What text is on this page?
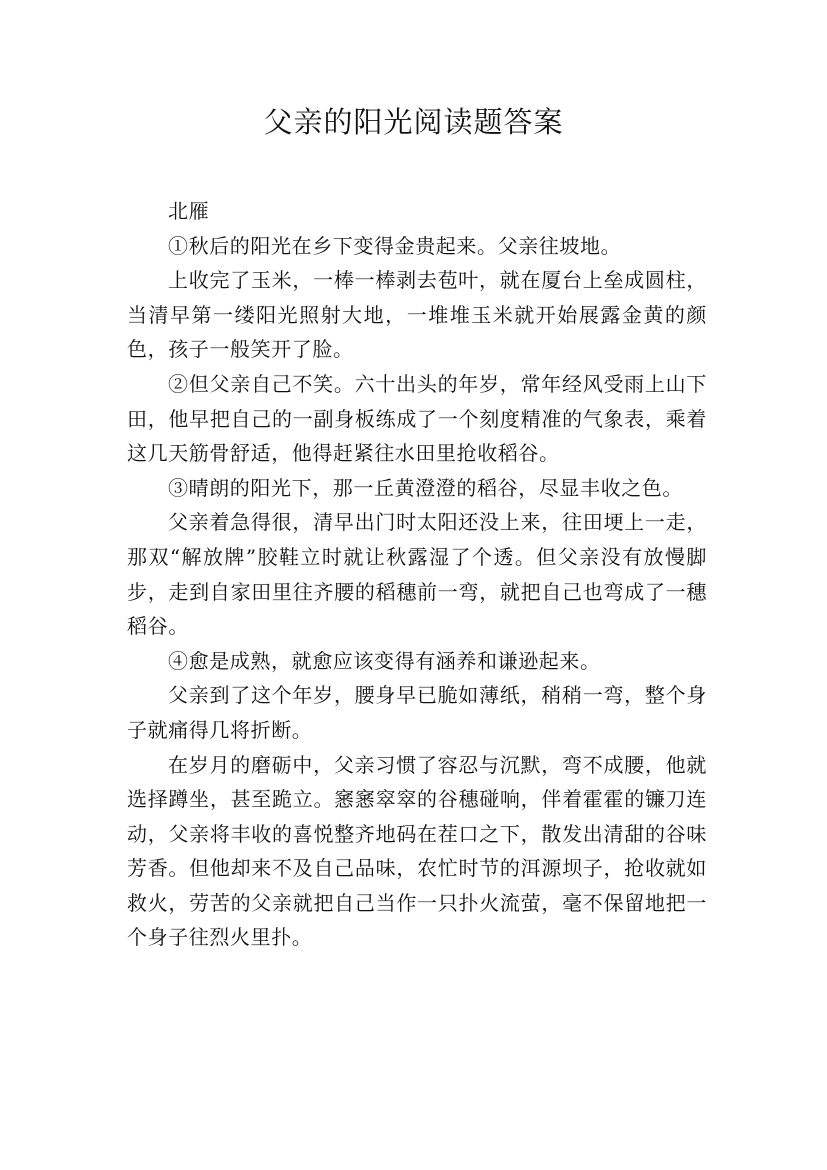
父亲的阳光阅读题答案

北雁

①秋后的阳光在乡下变得金贵起来。父亲往坡地。

上收完了玉米，一棒一棒剥去苞叶，就在厦台上垒成圆柱，当清早第一缕阳光照射大地，一堆堆玉米就开始展露金黄的颜色，孩子一般笑开了脸。

②但父亲自己不笑。六十出头的年岁，常年经风受雨上山下田，他早把自己的一副身板练成了一个刻度精准的气象表，乘着这几天筋骨舒适，他得赶紧往水田里抢收稻谷。

③晴朗的阳光下，那一丘黄澄澄的稻谷，尽显丰收之色。

父亲着急得很，清早出门时太阳还没上来，往田埂上一走，那双“解放牌”胶鞋立时就让秋露湿了个透。但父亲没有放慢脚步，走到自家田里往齐腰的稻穗前一弯，就把自己也弯成了一穗稻谷。

④愈是成熟，就愈应该变得有涵养和谦逊起来。

父亲到了这个年岁，腰身早已脆如薄纸，稍稍一弯，整个身子就痛得几将折断。

在岁月的磨砺中，父亲习惯了容忍与沉默，弯不成腰，他就选择蹲坐，甚至跪立。窸窸窣窣的谷穗碰响，伴着霍霍的镰刀连动，父亲将丰收的喜悦整齐地码在茬口之下，散发出清甜的谷味芳香。但他却来不及自己品味，农忙时节的洱源坝子，抢收就如救火，劳苦的父亲就把自己当作一只扑火流萤，毫不保留地把一个身子往烈火里扑。
